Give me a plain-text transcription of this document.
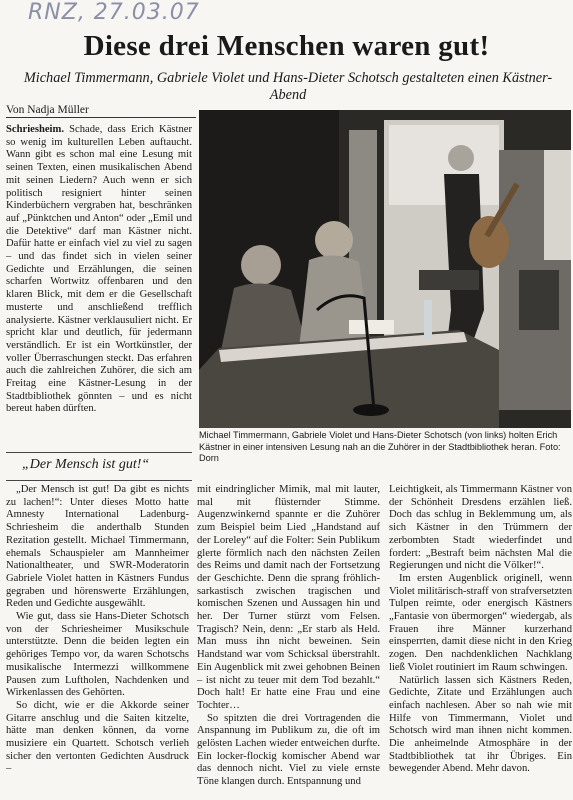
RNZ, 27.03.07
Diese drei Menschen waren gut!
Michael Timmermann, Gabriele Violet und Hans-Dieter Schotsch gestalteten einen Kästner-Abend
Von Nadja Müller
Schriesheim. Schade, dass Erich Kästner so wenig im kulturellen Leben auftaucht. Wann gibt es schon mal eine Lesung mit seinen Texten, einen musikalischen Abend mit seinen Liedern? Auch wenn er sich politisch resigniert hinter seinen Kinderbüchern vergraben hat, beschränken auf „Pünktchen und Anton“ oder „Emil und die Detektive“ darf man Kästner nicht. Dafür hatte er einfach viel zu viel zu sagen – und das findet sich in vielen seiner Gedichte und Erzählungen, die seinen scharfen Wortwitz offenbaren und den klaren Blick, mit dem er die Gesellschaft musterte und anschließend trefflich analysierte. Kästner verklausuliert nicht. Er spricht klar und deutlich, für jedermann verständlich. Er ist ein Wortkünstler, der voller Überraschungen steckt. Das erfahren auch die zahlreichen Zuhörer, die sich am Freitag eine Kästner-Lesung in der Stadtbibliothek gönnten – und es nicht bereut haben dürften.
Michael Timmermann, Gabriele Violet und Hans-Dieter Schotsch (von links) holten Erich Kästner in einer intensiven Lesung nah an die Zuhörer in der Stadtbibliothek heran. Foto: Dorn
„Der Mensch ist gut!“

„Der Mensch ist gut! Da gibt es nichts zu lachen!“: Unter dieses Motto hatte Amnesty International Ladenburg-Schriesheim die anderthalb Stunden Rezitation gestellt. Michael Timmermann, ehemals Schauspieler am Mannheimer Nationaltheater, und SWR-Moderatorin Gabriele Violet hatten in Kästners Fundus gegraben und hörenswerte Erzählungen, Reden und Gedichte ausgewählt.

Wie gut, dass sie Hans-Dieter Schotsch von der Schriesheimer Musikschule unterstützte. Denn die beiden legten ein gehöriges Tempo vor, da waren Schotschs musikalische Intermezzi willkommene Pausen zum Luftholen, Nachdenken und Wirkenlassen des Gehörten.

So dicht, wie er die Akkorde seiner Gitarre anschlug und die Saiten kitzelte, hätte man denken können, da vorne musiziere ein Quartett. Schotsch verlieh sicher den vertonten Gedichten Ausdruck –

mit eindringlicher Mimik, mal mit lauter, mal mit flüsternder Stimme. Augenzwinkernd spannte er die Zuhörer zum Beispiel beim Lied „Handstand auf der Loreley“ auf die Folter: Sein Publikum glerte förmlich nach den nächsten Zeilen des Reims und damit nach der Fortsetzung der Geschichte. Denn die sprang fröhlich-sarkastisch zwischen tragischen und komischen Szenen und Aussagen hin und her. Der Turner stürzt vom Felsen. Tragisch? Nein, denn: „Er starb als Held. Man muss ihn nicht beweinen. Sein Handstand war vom Schicksal überstrahlt. Ein Augenblick mit zwei gehobnen Beinen – ist nicht zu teuer mit dem Tod bezahlt.“ Doch halt! Er hatte eine Frau und eine Tochter…

So spitzten die drei Vortragenden die Anspannung im Publikum zu, die oft im gelösten Lachen wieder entweichen durfte. Ein locker-flockig komischer Abend war das dennoch nicht. Viel zu viele ernste Töne klangen durch. Entspannung und

Leichtigkeit, als Timmermann Kästner von der Schönheit Dresdens erzählen ließ. Doch das schlug in Beklemmung um, als sich Kästner in den Trümmern der zerbombten Stadt wiederfindet und fordert: „Bestraft beim nächsten Mal die Regierungen und nicht die Völker!“.

Im ersten Augenblick originell, wenn Violet militärisch-straff von strafversetzten Tulpen reimte, oder energisch Kästners „Fantasie von übermorgen“ wiedergab, als Frauen ihre Männer kurzerhand einsperrten, damit diese nicht in den Krieg zogen. Den nachdenklichen Nachklang ließ Violet routiniert im Raum schwingen.

Natürlich lassen sich Kästners Reden, Gedichte, Zitate und Erzählungen auch einfach nachlesen. Aber so nah wie mit Hilfe von Timmermann, Violet und Schotsch wird man ihnen nicht kommen. Die anheimelnde Atmosphäre in der Stadtbibliothek tat ihr Übriges. Ein bewegender Abend. Mehr davon.
